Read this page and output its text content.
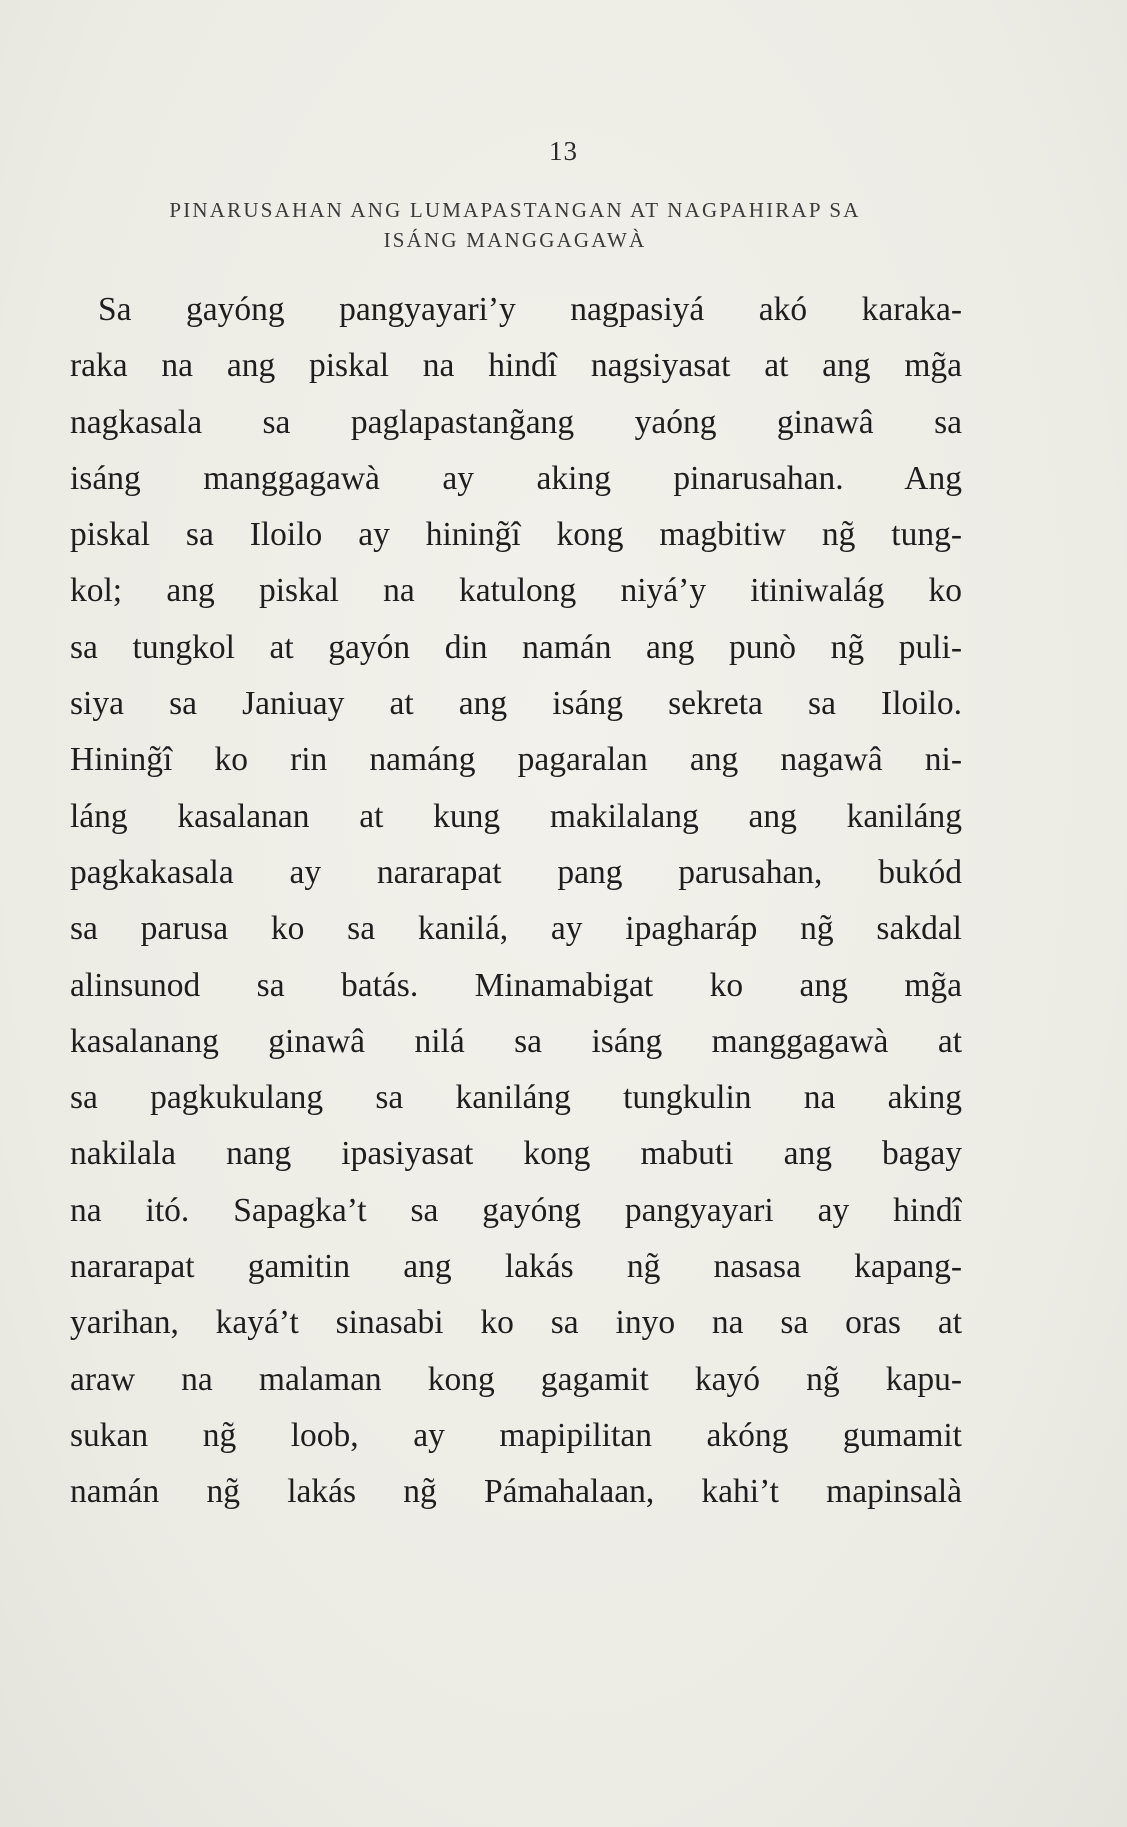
13
PINARUSAHAN ANG LUMAPASTANGAN AT NAGPAHIRAP SA
ISÁNG MANGGAGAWÀ
Sa gayóng pangyayari’y nagpasiyá akó karaka-
raka na ang piskal na hindî nagsiyasat at ang mg̃a
nagkasala sa paglapastang̃ang yaóng ginawâ sa
isáng manggagawà ay aking pinarusahan. Ang
piskal sa Iloilo ay hining̃î kong magbitiw ng̃ tung-
kol; ang piskal na katulong niyá’y itiniwalág ko
sa tungkol at gayón din namán ang punò ng̃ puli-
siya sa Janiuay at ang isáng sekreta sa Iloilo.
Hining̃î ko rin namáng pagaralan ang nagawâ ni-
láng kasalanan at kung makilalang ang kaniláng
pagkakasala ay nararapat pang parusahan, bukód
sa parusa ko sa kanilá, ay ipagharáp ng̃ sakdal
alinsunod sa batás. Minamabigat ko ang mg̃a
kasalanang ginawâ nilá sa isáng manggagawà at
sa pagkukulang sa kaniláng tungkulin na aking
nakilala nang ipasiyasat kong mabuti ang bagay
na itó. Sapagka’t sa gayóng pangyayari ay hindî
nararapat gamitin ang lakás ng̃ nasasa kapang-
yarihan, kayá’t sinasabi ko sa inyo na sa oras at
araw na malaman kong gagamit kayó ng̃ kapu-
sukan ng̃ loob, ay mapipilitan akóng gumamit
namán ng̃ lakás ng̃ Pámahalaan, kahi’t mapinsalà
